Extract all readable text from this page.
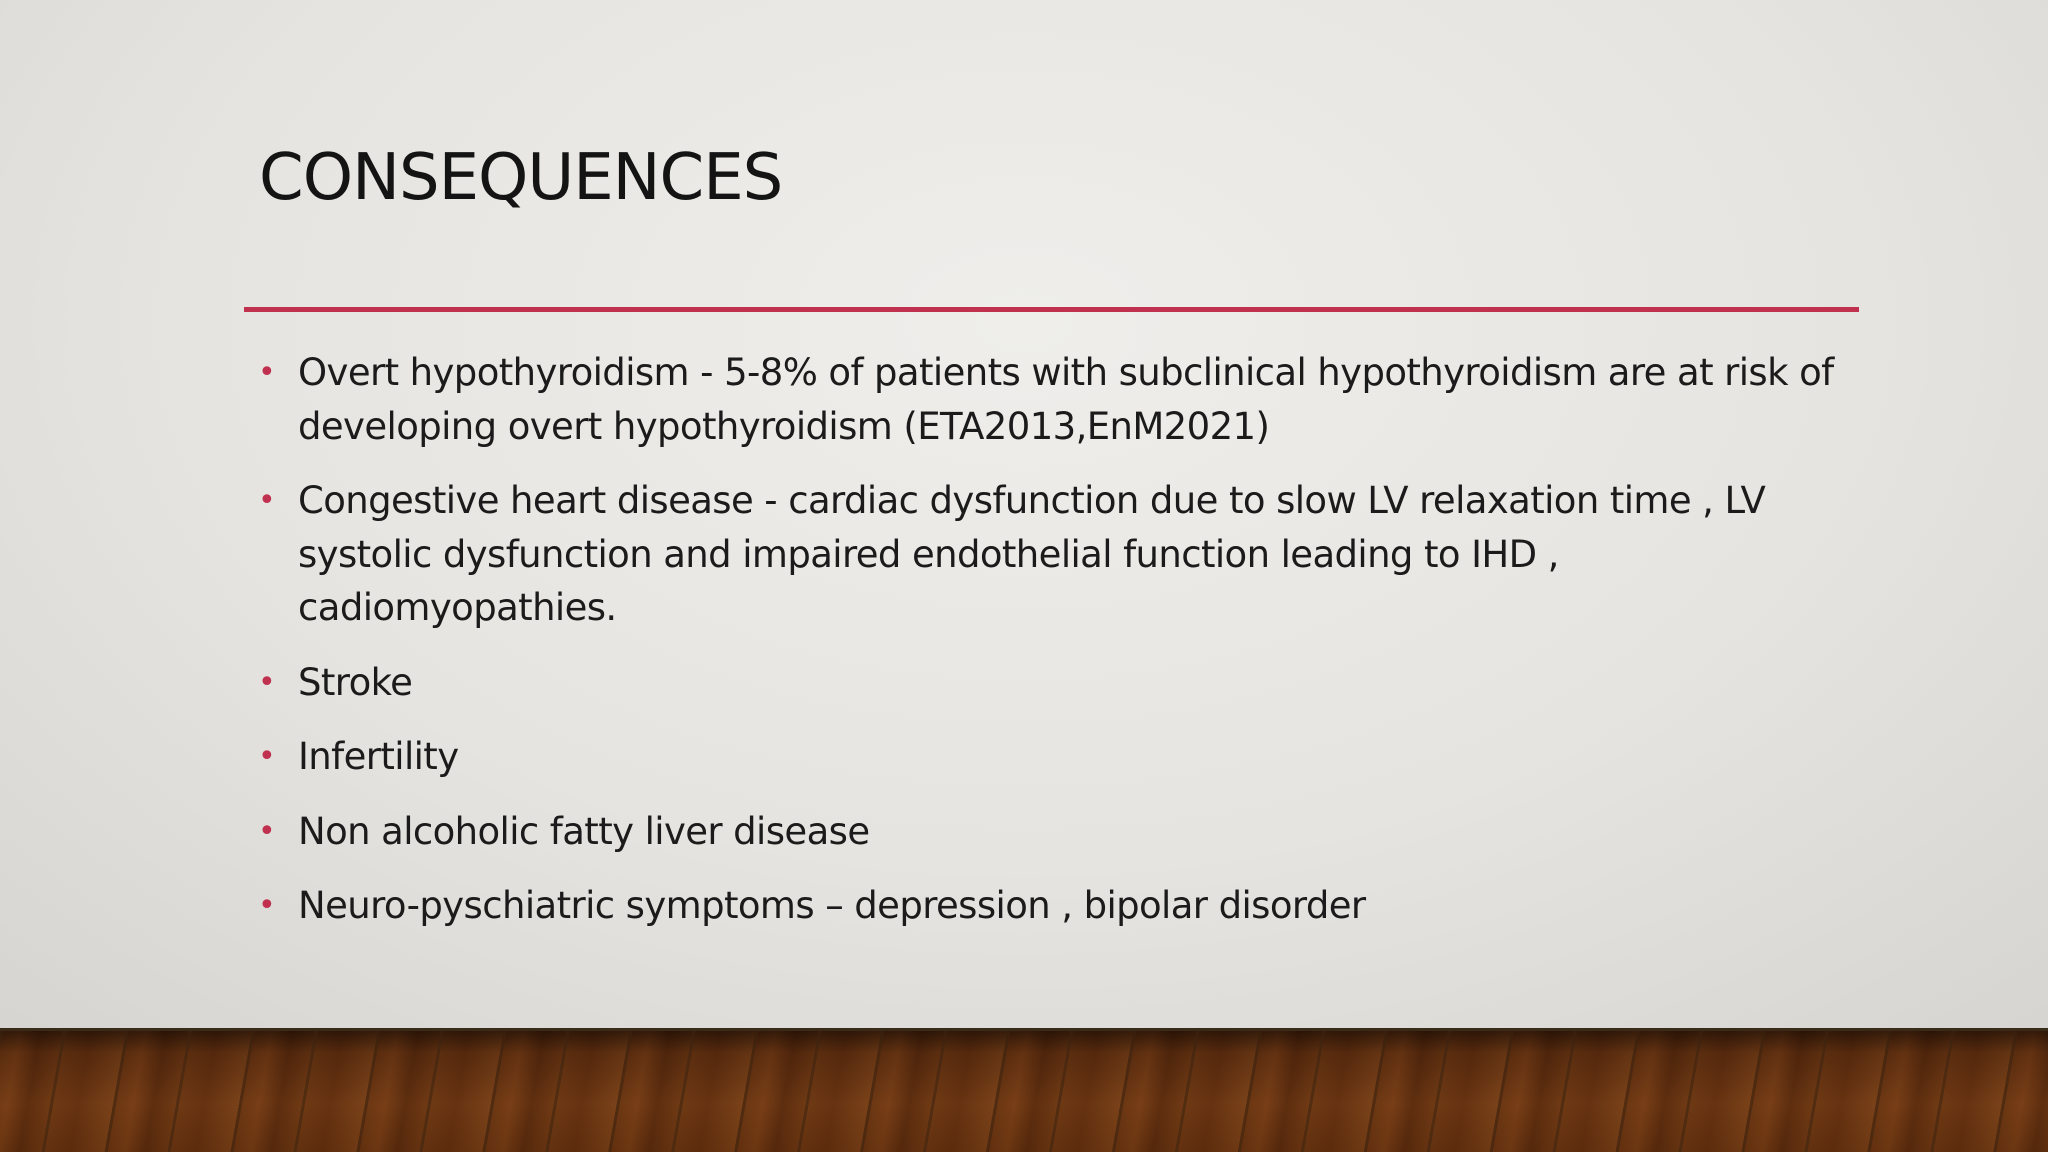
CONSEQUENCES
• Overt hypothyroidism - 5-8% of patients with subclinical hypothyroidism are at risk of developing overt hypothyroidism (ETA2013,EnM2021)
• Congestive heart disease - cardiac dysfunction due to slow LV relaxation time , LV systolic dysfunction and impaired endothelial function leading to IHD , cadiomyopathies.
• Stroke
• Infertility
• Non alcoholic fatty liver disease
• Neuro-pyschiatric symptoms – depression , bipolar disorder
